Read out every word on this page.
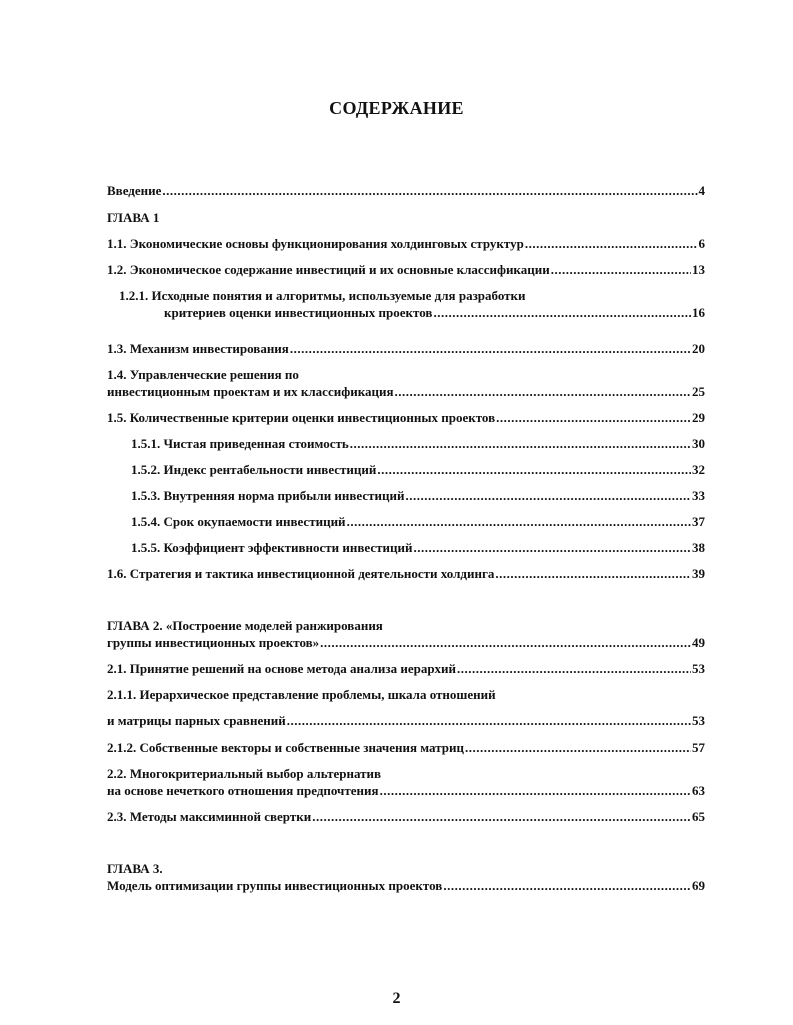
СОДЕРЖАНИЕ
Введение .....	4
ГЛАВА 1
1.1. Экономические основы функционирования холдинговых структур .....	6
1.2. Экономическое содержание инвестиций и их основные классификации .....	13
1.2.1. Исходные понятия и алгоритмы, используемые для разработки
критериев оценки инвестиционных проектов .....	16
1.3. Механизм инвестирования .....	20
1.4. Управленческие решения по
инвестиционным проектам и их классификация .....	25
1.5. Количественные критерии оценки инвестиционных проектов .....	29
1.5.1. Чистая приведенная стоимость .....	30
1.5.2. Индекс рентабельности инвестиций .....	32
1.5.3. Внутренняя норма прибыли инвестиций .....	33
1.5.4. Срок окупаемости инвестиций .....	37
1.5.5. Коэффициент эффективности инвестиций .....	38
1.6. Стратегия и тактика инвестиционной деятельности холдинга .....	39
ГЛАВА 2. «Построение моделей ранжирования
группы инвестиционных проектов» .....	49
2.1. Принятие решений на основе метода анализа иерархий .....	53
2.1.1. Иерархическое представление проблемы, шкала отношений
и матрицы парных сравнений .....	53
2.1.2. Собственные векторы и собственные значения матриц .....	57
2.2. Многокритериальный выбор альтернатив
на основе нечеткого отношения предпочтения .....	63
2.3. Методы максиминной свертки .....	65
ГЛАВА 3.
Модель оптимизации группы инвестиционных проектов .....	69
2
